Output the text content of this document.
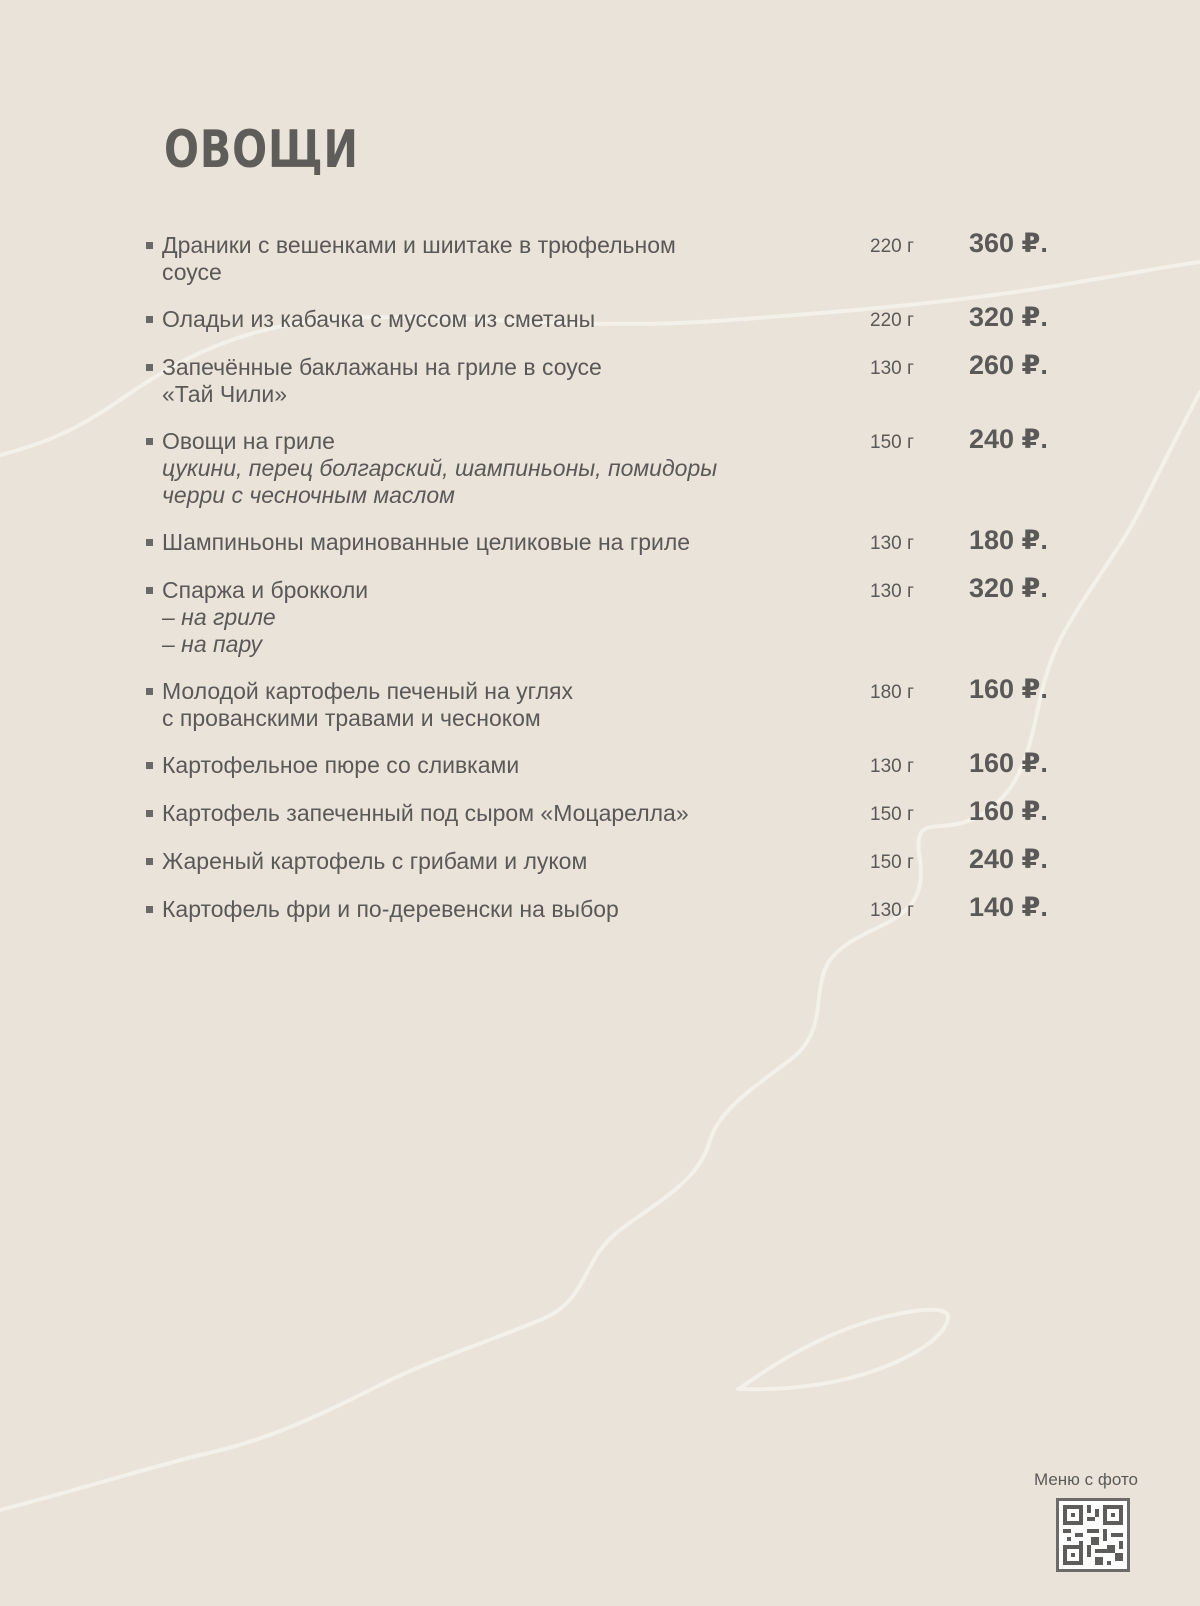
ОВОЩИ
Драники с вешенками и шиитаке в трюфельном
соусе
220 г 360 ₽.
Оладьи из кабачка с муссом из сметаны	220 г 320 ₽.
Запечённые баклажаны на гриле в соусе
«Тай Чили»
130 г 260 ₽.
Овощи на гриле
цукини, перец болгарский, шампиньоны, помидоры
черри с чесночным маслом
150 г 240 ₽.
Шампиньоны маринованные целиковые на гриле	130 г 180 ₽.
Спаржа и брокколи
– на гриле
– на пару
130 г 320 ₽.
Молодой картофель печеный на углях
с прованскими травами и чесноком
180 г 160 ₽.
Картофельное пюре со сливками	130 г 160 ₽.
Картофель запеченный под сыром «Моцарелла»	150 г 160 ₽.
Жареный картофель с грибами и луком	150 г 240 ₽.
Картофель фри и по-деревенски на выбор	130 г 140 ₽.
Меню с фото
